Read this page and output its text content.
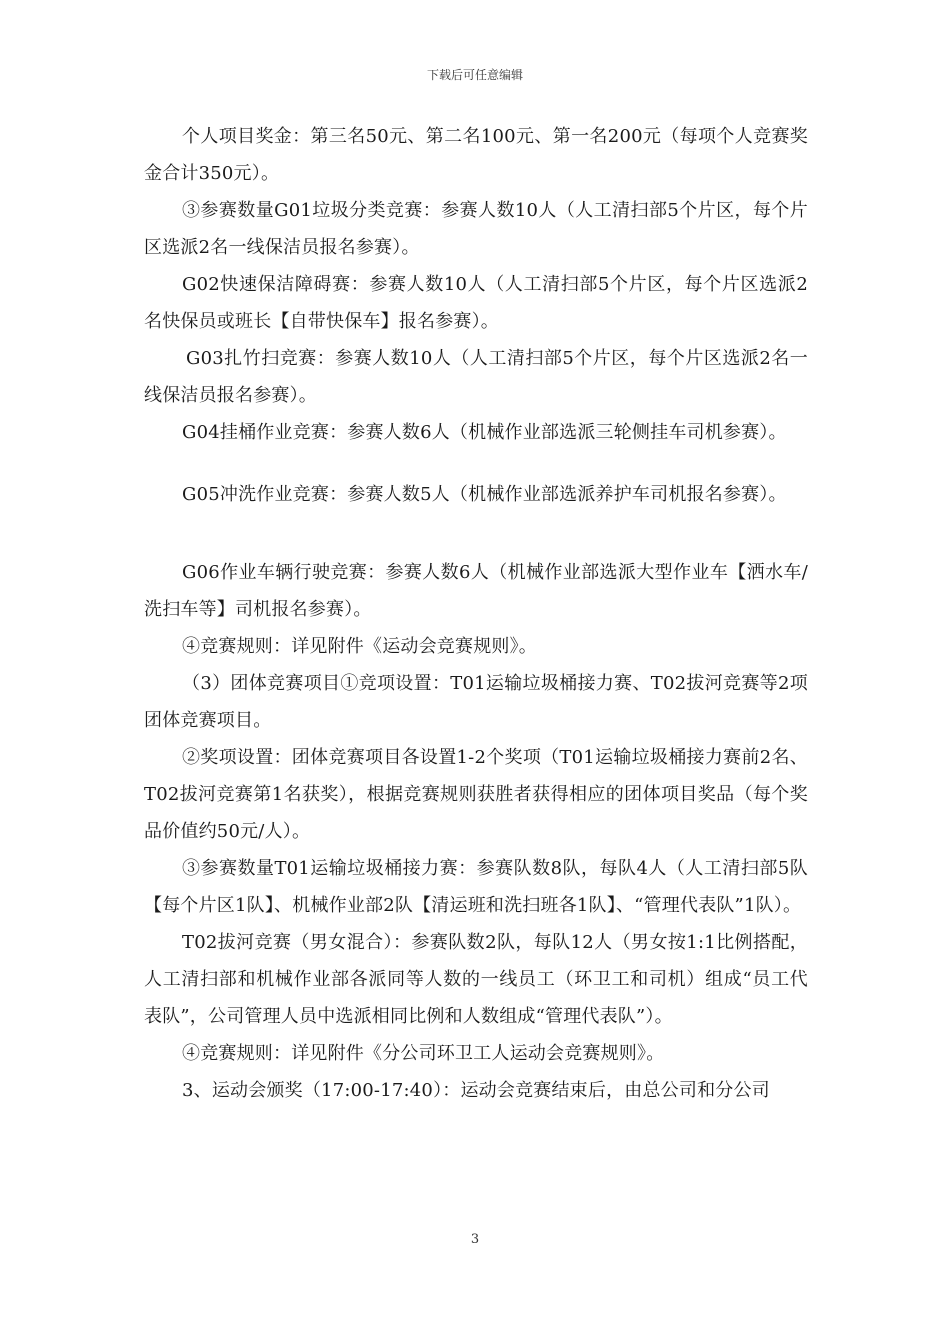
下载后可任意编辑

个人项目奖金：第三名50元、第二名100元、第一名200元（每项个人竞赛奖金合计350元）。

③参赛数量G01垃圾分类竞赛：参赛人数10人（人工清扫部5个片区，每个片区选派2名一线保洁员报名参赛）。

G02快速保洁障碍赛：参赛人数10人（人工清扫部5个片区，每个片区选派2名快保员或班长【自带快保车】报名参赛）。

G03扎竹扫竞赛：参赛人数10人（人工清扫部5个片区，每个片区选派2名一线保洁员报名参赛）。

G04挂桶作业竞赛：参赛人数6人（机械作业部选派三轮侧挂车司机参赛）。

G05冲洗作业竞赛：参赛人数5人（机械作业部选派养护车司机报名参赛）。

G06作业车辆行驶竞赛：参赛人数6人（机械作业部选派大型作业车【洒水车/洗扫车等】司机报名参赛）。

④竞赛规则：详见附件《运动会竞赛规则》。

（3）团体竞赛项目①竞项设置：T01运输垃圾桶接力赛、T02拔河竞赛等2项团体竞赛项目。

②奖项设置：团体竞赛项目各设置1-2个奖项（T01运输垃圾桶接力赛前2名、T02拔河竞赛第1名获奖），根据竞赛规则获胜者获得相应的团体项目奖品（每个奖品价值约50元/人）。

③参赛数量T01运输垃圾桶接力赛：参赛队数8队，每队4人（人工清扫部5队【每个片区1队】、机械作业部2队【清运班和洗扫班各1队】、“管理代表队”1队）。

T02拔河竞赛（男女混合）：参赛队数2队，每队12人（男女按1:1比例搭配，人工清扫部和机械作业部各派同等人数的一线员工（环卫工和司机）组成“员工代表队”，公司管理人员中选派相同比例和人数组成“管理代表队”）。

④竞赛规则：详见附件《分公司环卫工人运动会竞赛规则》。

3、运动会颁奖（17:00-17:40）：运动会竞赛结束后，由总公司和分公司

3
